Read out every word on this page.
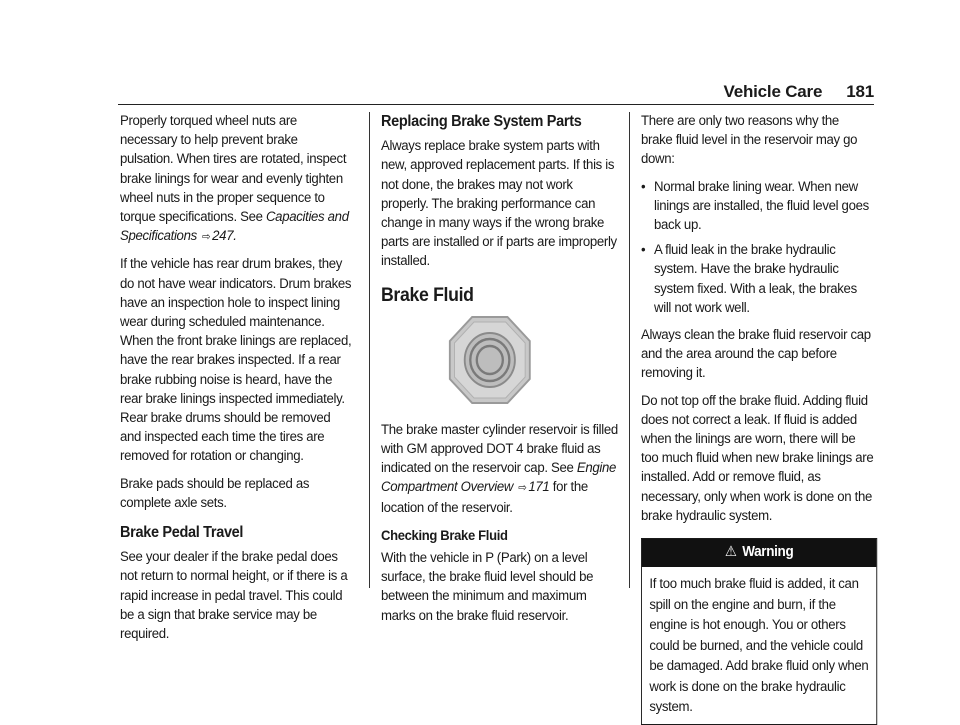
Vehicle Care 181

Properly torqued wheel nuts are necessary to help prevent brake pulsation. When tires are rotated, inspect brake linings for wear and evenly tighten wheel nuts in the proper sequence to torque specifications. See Capacities and Specifications ⇨ 247.

If the vehicle has rear drum brakes, they do not have wear indicators. Drum brakes have an inspection hole to inspect lining wear during scheduled maintenance. When the front brake linings are replaced, have the rear brakes inspected. If a rear brake rubbing noise is heard, have the rear brake linings inspected immediately. Rear brake drums should be removed and inspected each time the tires are removed for rotation or changing.

Brake pads should be replaced as complete axle sets.

Brake Pedal Travel

See your dealer if the brake pedal does not return to normal height, or if there is a rapid increase in pedal travel. This could be a sign that brake service may be required.

Replacing Brake System Parts

Always replace brake system parts with new, approved replacement parts. If this is not done, the brakes may not work properly. The braking performance can change in many ways if the wrong brake parts are installed or if parts are improperly installed.

Brake Fluid

The brake master cylinder reservoir is filled with GM approved DOT 4 brake fluid as indicated on the reservoir cap. See Engine Compartment Overview ⇨ 171 for the location of the reservoir.

Checking Brake Fluid

With the vehicle in P (Park) on a level surface, the brake fluid level should be between the minimum and maximum marks on the brake fluid reservoir.

There are only two reasons why the brake fluid level in the reservoir may go down:

• Normal brake lining wear. When new linings are installed, the fluid level goes back up.
• A fluid leak in the brake hydraulic system. Have the brake hydraulic system fixed. With a leak, the brakes will not work well.

Always clean the brake fluid reservoir cap and the area around the cap before removing it.

Do not top off the brake fluid. Adding fluid does not correct a leak. If fluid is added when the linings are worn, there will be too much fluid when new brake linings are installed. Add or remove fluid, as necessary, only when work is done on the brake hydraulic system.

⚠ Warning
If too much brake fluid is added, it can spill on the engine and burn, if the engine is hot enough. You or others could be burned, and the vehicle could be damaged. Add brake fluid only when work is done on the brake hydraulic system.
